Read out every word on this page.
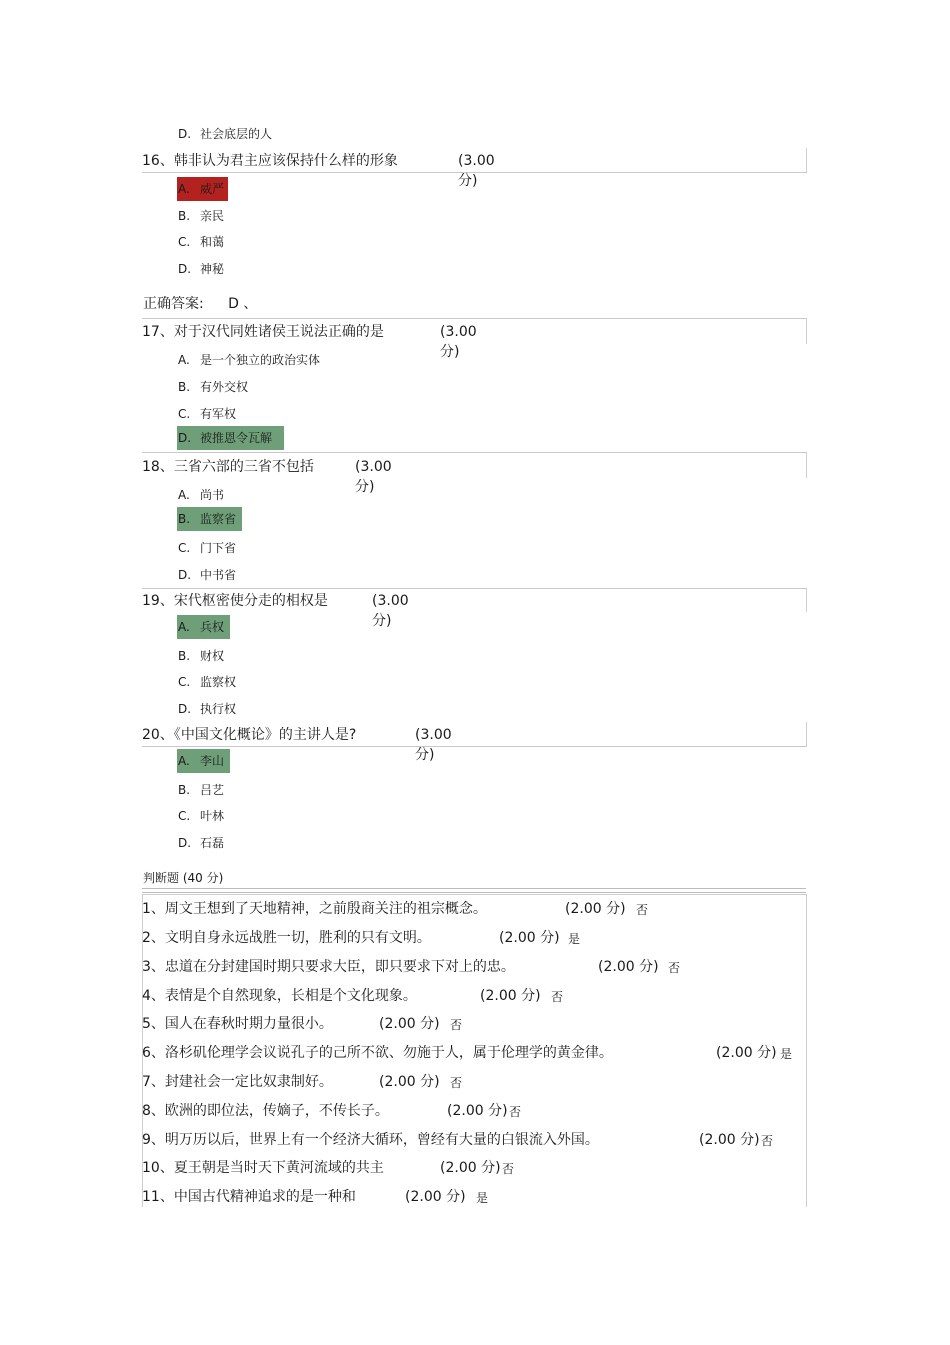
D. 社会底层的人
16、韩非认为君主应该保持什么样的形象	(3.00 分)
A. 威严
B. 亲民
C. 和蔼
D. 神秘
正确答案: D 、
17、对于汉代同姓诸侯王说法正确的是	(3.00 分)
A. 是一个独立的政治实体
B. 有外交权
C. 有军权
D. 被推恩令瓦解
18、三省六部的三省不包括	(3.00 分)
A. 尚书
B. 监察省
C. 门下省
D. 中书省
19、宋代枢密使分走的相权是	(3.00 分)
A. 兵权
B. 财权
C. 监察权
D. 执行权
20、《中国文化概论》的主讲人是?	(3.00 分)
A. 李山
B. 吕艺
C. 叶林
D. 石磊
判断题 (40 分)
1、周文王想到了天地精神，之前殷商关注的祖宗概念。	(2.00 分) 否
2、文明自身永远战胜一切，胜利的只有文明。	(2.00 分) 是
3、忠道在分封建国时期只要求大臣，即只要求下对上的忠。	(2.00 分) 否
4、表情是个自然现象，长相是个文化现象。	(2.00 分) 否
5、国人在春秋时期力量很小。	(2.00 分) 否
6、洛杉矶伦理学会议说孔子的己所不欲、勿施于人，属于伦理学的黄金律。	(2.00 分) 是
7、封建社会一定比奴隶制好。	(2.00 分) 否
8、欧洲的即位法，传嫡子，不传长子。	(2.00 分) 否
9、明万历以后，世界上有一个经济大循环，曾经有大量的白银流入外国。	(2.00 分) 否
10、夏王朝是当时天下黄河流域的共主	(2.00 分) 否
11、中国古代精神追求的是一种和	(2.00 分) 是
